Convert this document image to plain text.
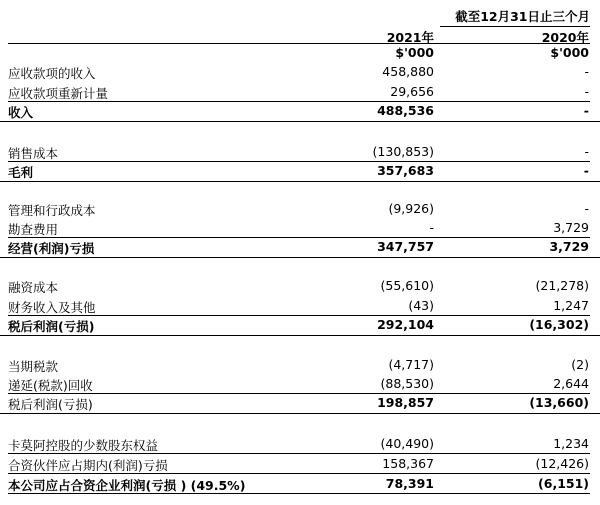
截至12月31日止三个月
2021年	2020年
$'000	$'000
应收款项的收入	458,880	-
应收款项重新计量	29,656	-
收入	488,536	-
销售成本	(130,853)	-
毛利	357,683	-
管理和行政成本	(9,926)	-
勘查费用	-	3,729
经营(利润)亏损	347,757	3,729
融资成本	(55,610)	(21,278)
财务收入及其他	(43)	1,247
税后利润(亏损)	292,104	(16,302)
当期税款	(4,717)	(2)
递延(税款)回收	(88,530)	2,644
税后利润(亏损)	198,857	(13,660)
卡莫阿控股的少数股东权益	(40,490)	1,234
合资伙伴应占期内(利润)亏损	158,367	(12,426)
本公司应占合资企业利润(亏损 ) (49.5%)	78,391	(6,151)
